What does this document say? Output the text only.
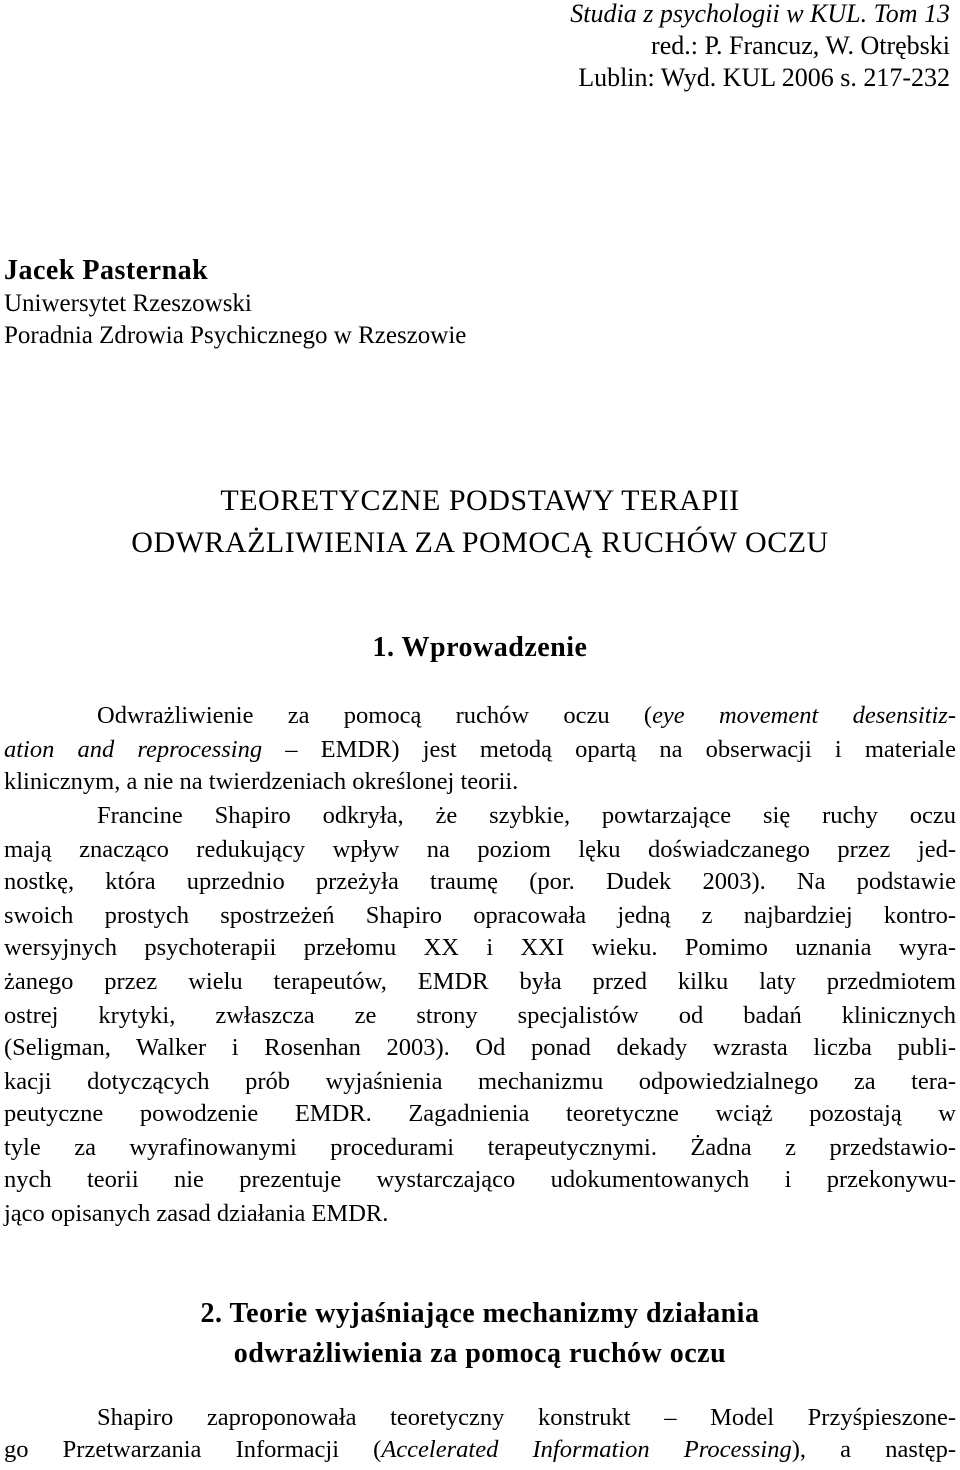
Studia z psychologii w KUL. Tom 13
red.: P. Francuz, W. Otrębski
Lublin: Wyd. KUL 2006 s. 217-232
Jacek Pasternak
Uniwersytet Rzeszowski
Poradnia Zdrowia Psychicznego w Rzeszowie
TEORETYCZNE PODSTAWY TERAPII
ODWRAŻLIWIENIA ZA POMOCĄ RUCHÓW OCZU
1. Wprowadzenie
Odwrażliwienie za pomocą ruchów oczu (eye movement desensitiz-
ation and reprocessing – EMDR) jest metodą opartą na obserwacji i materiale
klinicznym, a nie na twierdzeniach określonej teorii.
Francine Shapiro odkryła, że szybkie, powtarzające się ruchy oczu
mają znacząco redukujący wpływ na poziom lęku doświadczanego przez jed-
nostkę, która uprzednio przeżyła traumę (por. Dudek 2003). Na podstawie
swoich prostych spostrzeżeń Shapiro opracowała jedną z najbardziej kontro-
wersyjnych psychoterapii przełomu XX i XXI wieku. Pomimo uznania wyra-
żanego przez wielu terapeutów, EMDR była przed kilku laty przedmiotem
ostrej krytyki, zwłaszcza ze strony specjalistów od badań klinicznych
(Seligman, Walker i Rosenhan 2003). Od ponad dekady wzrasta liczba publi-
kacji dotyczących prób wyjaśnienia mechanizmu odpowiedzialnego za tera-
peutyczne powodzenie EMDR. Zagadnienia teoretyczne wciąż pozostają w
tyle za wyrafinowanymi procedurami terapeutycznymi. Żadna z przedstawio-
nych teorii nie prezentuje wystarczająco udokumentowanych i przekonywu-
jąco opisanych zasad działania EMDR.
2. Teorie wyjaśniające mechanizmy działania
odwrażliwienia za pomocą ruchów oczu
Shapiro zaproponowała teoretyczny konstrukt – Model Przyśpieszone-
go Przetwarzania Informacji (Accelerated Information Processing), a następ-
